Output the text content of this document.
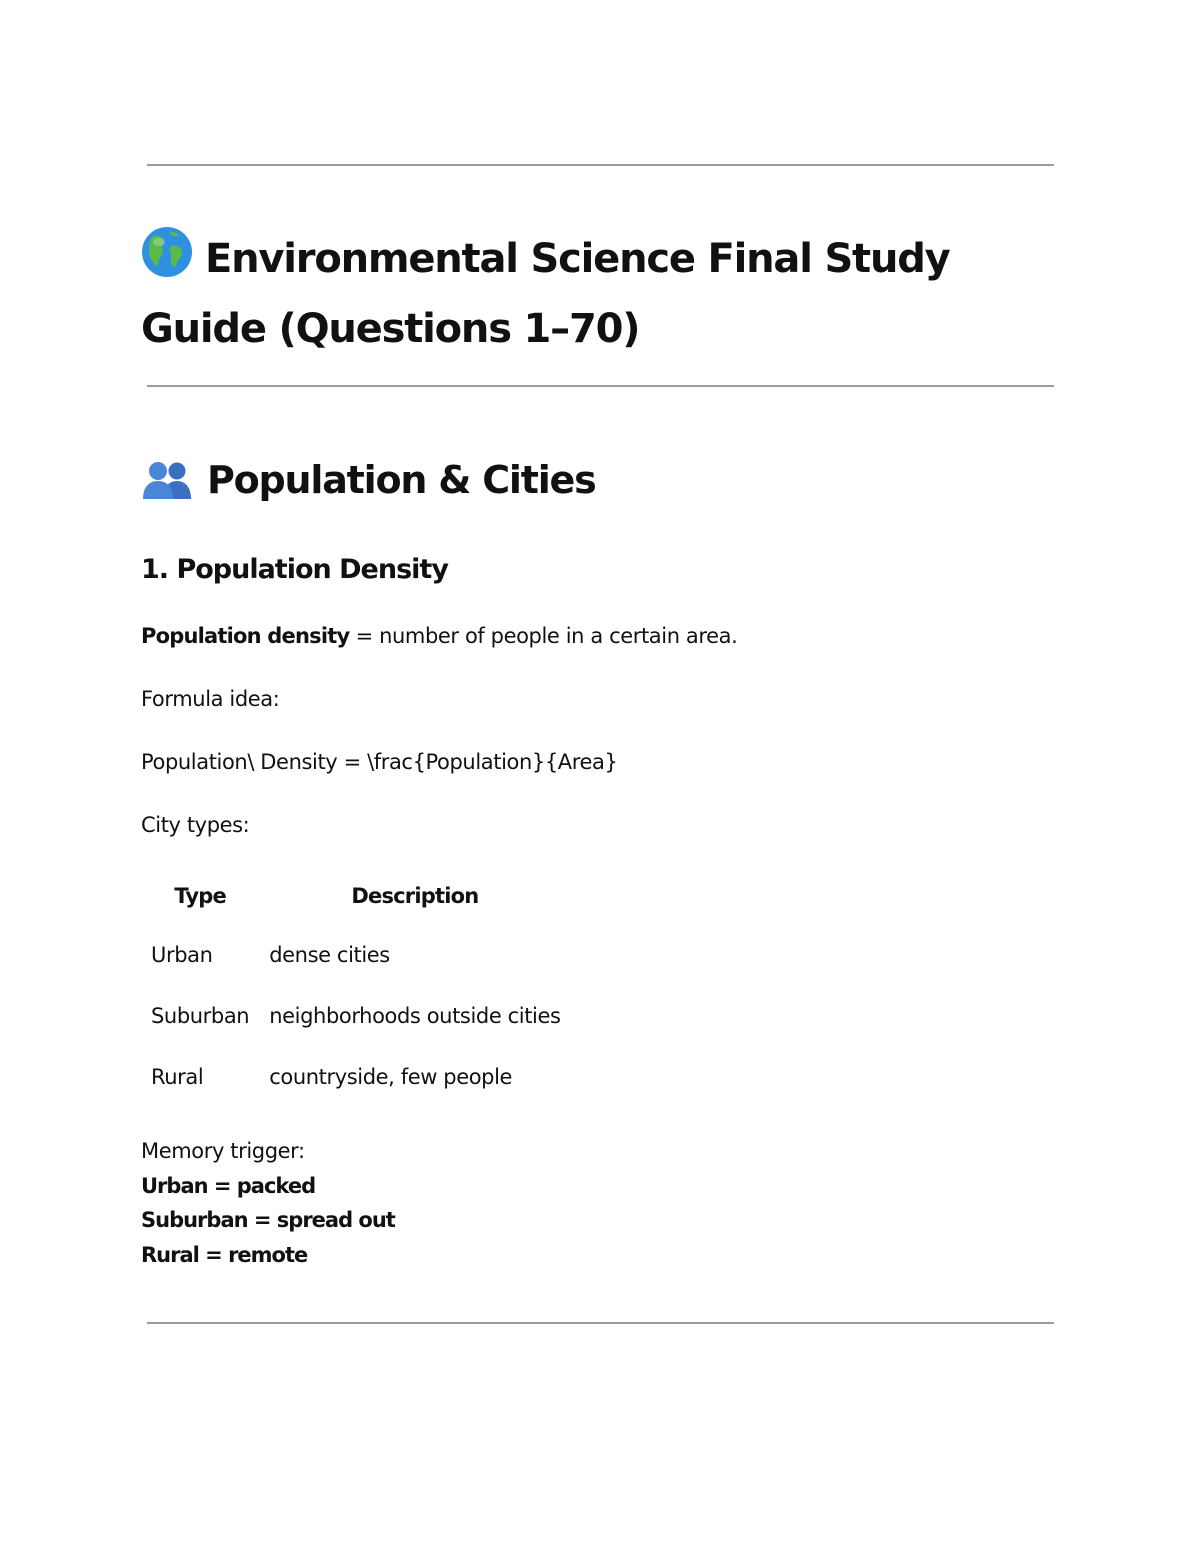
Environmental Science Final Study Guide (Questions 1–70)
Population & Cities
1. Population Density

Population density = number of people in a certain area.

Formula idea:

Population\ Density = \frac{Population}{Area}

City types:

Type	Description
Urban	dense cities
Suburban	neighborhoods outside cities
Rural	countryside, few people

Memory trigger:
Urban = packed
Suburban = spread out
Rural = remote
